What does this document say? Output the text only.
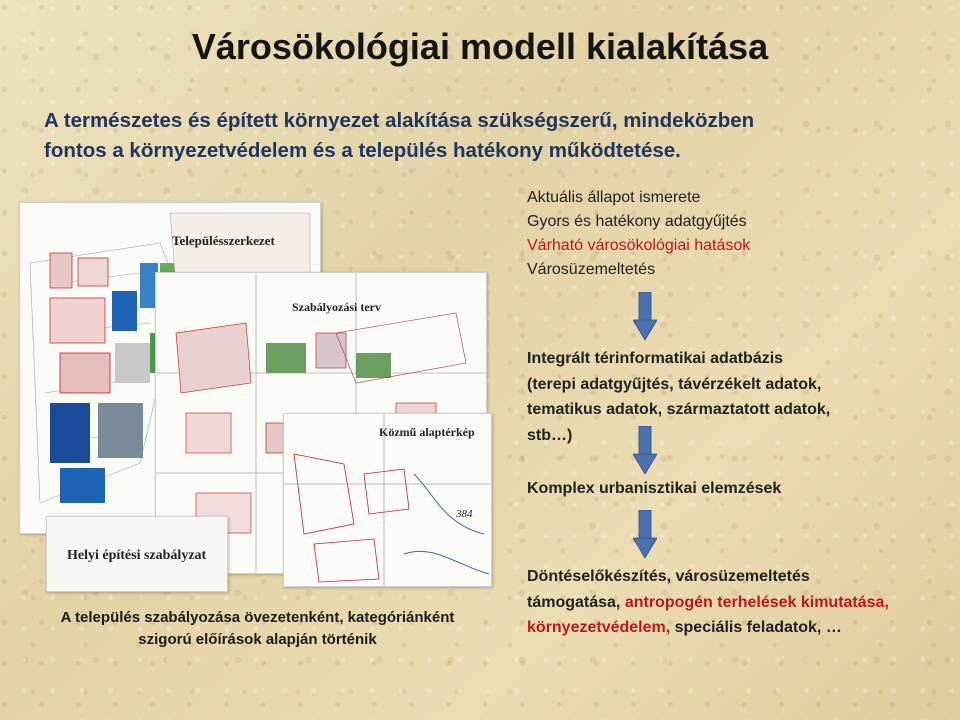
Városökológiai modell kialakítása
A természetes és épített környezet alakítása szükségszerű, mindeközben
fontos a környezetvédelem és a település hatékony működtetése.
Településszerkezet
Szabályozási terv
Közmű alaptérkép
384
Helyi építési szabályzat
Aktuális állapot ismerete
Gyors és hatékony adatgyűjtés
Várható városökológiai hatások
Városüzemeltetés
Integrált térinformatikai adatbázis
(terepi adatgyűjtés, távérzékelt adatok,
tematikus adatok, származtatott adatok,
stb…)
Komplex urbanisztikai elemzések
Döntéselőkészítés, városüzemeltetés
támogatása, antropogén terhelések kimutatása,
környezetvédelem, speciális feladatok, …
A település szabályozása övezetenként, kategóriánként
szigorú előírások alapján történik
